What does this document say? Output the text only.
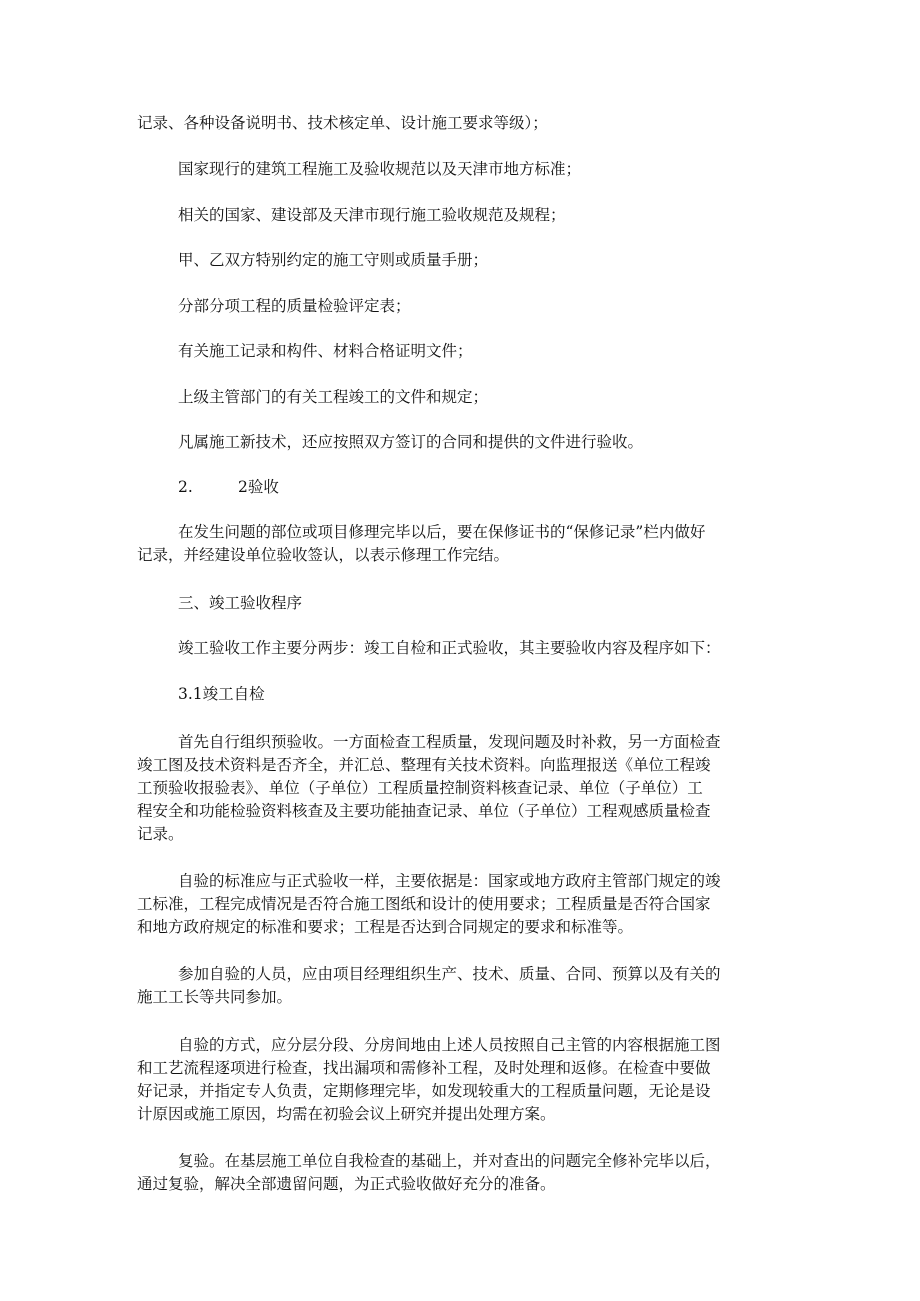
记录、各种设备说明书、技术核定单、设计施工要求等级）；

国家现行的建筑工程施工及验收规范以及天津市地方标准；

相关的国家、建设部及天津市现行施工验收规范及规程；

甲、乙双方特别约定的施工守则或质量手册；

分部分项工程的质量检验评定表；

有关施工记录和构件、材料合格证明文件；

上级主管部门的有关工程竣工的文件和规定；

凡属施工新技术，还应按照双方签订的合同和提供的文件进行验收。

2.	2验收

在发生问题的部位或项目修理完毕以后，要在保修证书的“保修记录”栏内做好
记录，并经建设单位验收签认，以表示修理工作完结。

三、竣工验收程序

竣工验收工作主要分两步：竣工自检和正式验收，其主要验收内容及程序如下：

3.1竣工自检

首先自行组织预验收。一方面检查工程质量，发现问题及时补救，另一方面检查
竣工图及技术资料是否齐全，并汇总、整理有关技术资料。向监理报送《单位工程竣
工预验收报验表》、单位（子单位）工程质量控制资料核查记录、单位（子单位）工
程安全和功能检验资料核查及主要功能抽查记录、单位（子单位）工程观感质量检查
记录。

自验的标准应与正式验收一样，主要依据是：国家或地方政府主管部门规定的竣
工标准，工程完成情况是否符合施工图纸和设计的使用要求；工程质量是否符合国家
和地方政府规定的标准和要求；工程是否达到合同规定的要求和标准等。

参加自验的人员，应由项目经理组织生产、技术、质量、合同、预算以及有关的
施工工长等共同参加。

自验的方式，应分层分段、分房间地由上述人员按照自己主管的内容根据施工图
和工艺流程逐项进行检查，找出漏项和需修补工程，及时处理和返修。在检查中要做
好记录，并指定专人负责，定期修理完毕，如发现较重大的工程质量问题，无论是设
计原因或施工原因，均需在初验会议上研究并提出处理方案。

复验。在基层施工单位自我检查的基础上，并对查出的问题完全修补完毕以后，
通过复验，解决全部遗留问题，为正式验收做好充分的准备。
